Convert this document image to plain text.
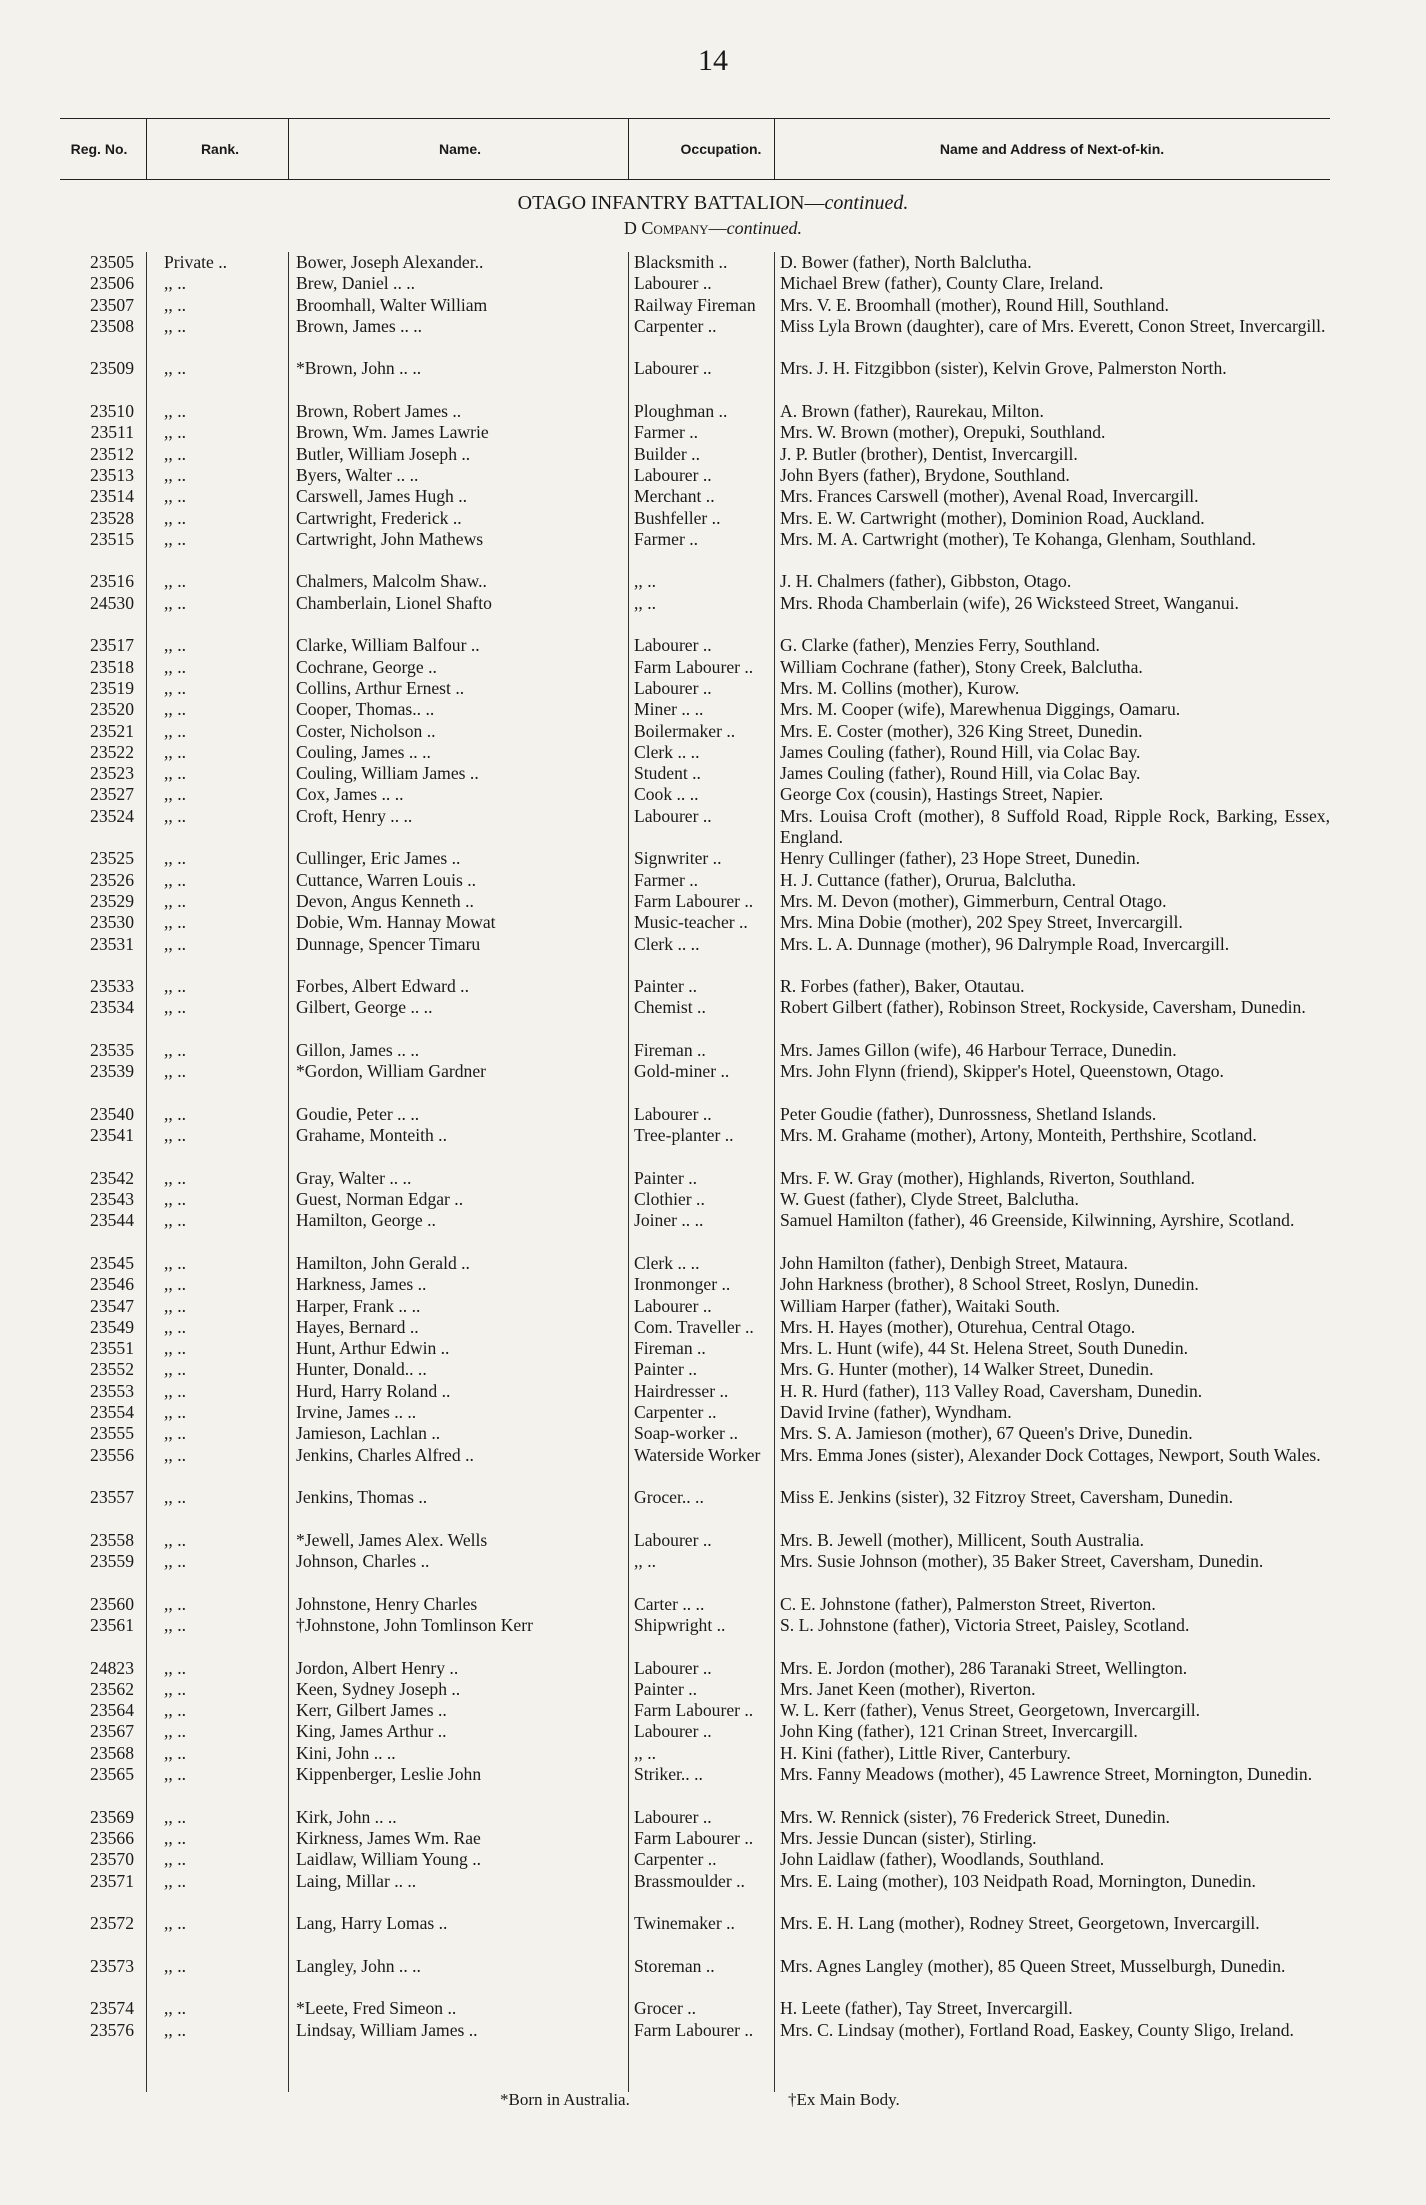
14
Reg. No.	Rank.	Name.	Occupation.	Name and Address of Next-of-kin.
OTAGO INFANTRY BATTALION—continued.
D Company—continued.
23505 Private ..	Bower, Joseph Alexander..	Blacksmith ..	D. Bower (father), North Balclutha.
23506 ,, ..	Brew, Daniel .. ..	Labourer ..	Michael Brew (father), County Clare, Ireland.
23507 ,, ..	Broomhall, Walter William	Railway Fireman	Mrs. V. E. Broomhall (mother), Round Hill, Southland.
23508 ,, ..	Brown, James .. ..	Carpenter ..	Miss Lyla Brown (daughter), care of Mrs. Everett, Conon Street, Invercargill.
23509 ,, ..	*Brown, John .. ..	Labourer ..	Mrs. J. H. Fitzgibbon (sister), Kelvin Grove, Palmerston North.
23510 ,, ..	Brown, Robert James ..	Ploughman ..	A. Brown (father), Raurekau, Milton.
23511 ,, ..	Brown, Wm. James Lawrie	Farmer ..	Mrs. W. Brown (mother), Orepuki, Southland.
23512 ,, ..	Butler, William Joseph ..	Builder ..	J. P. Butler (brother), Dentist, Invercargill.
23513 ,, ..	Byers, Walter .. ..	Labourer ..	John Byers (father), Brydone, Southland.
23514 ,, ..	Carswell, James Hugh ..	Merchant ..	Mrs. Frances Carswell (mother), Avenal Road, Invercargill.
23528 ,, ..	Cartwright, Frederick ..	Bushfeller ..	Mrs. E. W. Cartwright (mother), Dominion Road, Auckland.
23515 ,, ..	Cartwright, John Mathews	Farmer ..	Mrs. M. A. Cartwright (mother), Te Kohanga, Glenham, Southland.
23516 ,, ..	Chalmers, Malcolm Shaw..	,, ..	J. H. Chalmers (father), Gibbston, Otago.
24530 ,, ..	Chamberlain, Lionel Shafto	,, ..	Mrs. Rhoda Chamberlain (wife), 26 Wicksteed Street, Wanganui.
23517 ,, ..	Clarke, William Balfour ..	Labourer ..	G. Clarke (father), Menzies Ferry, Southland.
23518 ,, ..	Cochrane, George ..	Farm Labourer ..	William Cochrane (father), Stony Creek, Balclutha.
23519 ,, ..	Collins, Arthur Ernest ..	Labourer ..	Mrs. M. Collins (mother), Kurow.
23520 ,, ..	Cooper, Thomas.. ..	Miner .. ..	Mrs. M. Cooper (wife), Marewhenua Diggings, Oamaru.
23521 ,, ..	Coster, Nicholson ..	Boilermaker ..	Mrs. E. Coster (mother), 326 King Street, Dunedin.
23522 ,, ..	Couling, James .. ..	Clerk .. ..	James Couling (father), Round Hill, via Colac Bay.
23523 ,, ..	Couling, William James ..	Student ..	James Couling (father), Round Hill, via Colac Bay.
23527 ,, ..	Cox, James .. ..	Cook .. ..	George Cox (cousin), Hastings Street, Napier.
23524 ,, ..	Croft, Henry .. ..	Labourer ..	Mrs. Louisa Croft (mother), 8 Suffold Road, Ripple Rock, Barking, Essex, England.
23525 ,, ..	Cullinger, Eric James ..	Signwriter ..	Henry Cullinger (father), 23 Hope Street, Dunedin.
23526 ,, ..	Cuttance, Warren Louis ..	Farmer ..	H. J. Cuttance (father), Orurua, Balclutha.
23529 ,, ..	Devon, Angus Kenneth ..	Farm Labourer ..	Mrs. M. Devon (mother), Gimmerburn, Central Otago.
23530 ,, ..	Dobie, Wm. Hannay Mowat	Music-teacher ..	Mrs. Mina Dobie (mother), 202 Spey Street, Invercargill.
23531 ,, ..	Dunnage, Spencer Timaru	Clerk .. ..	Mrs. L. A. Dunnage (mother), 96 Dalrymple Road, Invercargill.
23533 ,, ..	Forbes, Albert Edward ..	Painter ..	R. Forbes (father), Baker, Otautau.
23534 ,, ..	Gilbert, George .. ..	Chemist ..	Robert Gilbert (father), Robinson Street, Rockyside, Caversham, Dunedin.
23535 ,, ..	Gillon, James .. ..	Fireman ..	Mrs. James Gillon (wife), 46 Harbour Terrace, Dunedin.
23539 ,, ..	*Gordon, William Gardner	Gold-miner ..	Mrs. John Flynn (friend), Skipper's Hotel, Queenstown, Otago.
23540 ,, ..	Goudie, Peter .. ..	Labourer ..	Peter Goudie (father), Dunrossness, Shetland Islands.
23541 ,, ..	Grahame, Monteith ..	Tree-planter ..	Mrs. M. Grahame (mother), Artony, Monteith, Perthshire, Scotland.
23542 ,, ..	Gray, Walter .. ..	Painter ..	Mrs. F. W. Gray (mother), Highlands, Riverton, Southland.
23543 ,, ..	Guest, Norman Edgar ..	Clothier ..	W. Guest (father), Clyde Street, Balclutha.
23544 ,, ..	Hamilton, George ..	Joiner .. ..	Samuel Hamilton (father), 46 Greenside, Kilwinning, Ayrshire, Scotland.
23545 ,, ..	Hamilton, John Gerald ..	Clerk .. ..	John Hamilton (father), Denbigh Street, Mataura.
23546 ,, ..	Harkness, James ..	Ironmonger ..	John Harkness (brother), 8 School Street, Roslyn, Dunedin.
23547 ,, ..	Harper, Frank .. ..	Labourer ..	William Harper (father), Waitaki South.
23549 ,, ..	Hayes, Bernard ..	Com. Traveller ..	Mrs. H. Hayes (mother), Oturehua, Central Otago.
23551 ,, ..	Hunt, Arthur Edwin ..	Fireman ..	Mrs. L. Hunt (wife), 44 St. Helena Street, South Dunedin.
23552 ,, ..	Hunter, Donald.. ..	Painter ..	Mrs. G. Hunter (mother), 14 Walker Street, Dunedin.
23553 ,, ..	Hurd, Harry Roland ..	Hairdresser ..	H. R. Hurd (father), 113 Valley Road, Caversham, Dunedin.
23554 ,, ..	Irvine, James .. ..	Carpenter ..	David Irvine (father), Wyndham.
23555 ,, ..	Jamieson, Lachlan ..	Soap-worker ..	Mrs. S. A. Jamieson (mother), 67 Queen's Drive, Dunedin.
23556 ,, ..	Jenkins, Charles Alfred ..	Waterside Worker	Mrs. Emma Jones (sister), Alexander Dock Cottages, Newport, South Wales.
23557 ,, ..	Jenkins, Thomas ..	Grocer.. ..	Miss E. Jenkins (sister), 32 Fitzroy Street, Caversham, Dunedin.
23558 ,, ..	*Jewell, James Alex. Wells	Labourer ..	Mrs. B. Jewell (mother), Millicent, South Australia.
23559 ,, ..	Johnson, Charles ..	,, ..	Mrs. Susie Johnson (mother), 35 Baker Street, Caversham, Dunedin.
23560 ,, ..	Johnstone, Henry Charles	Carter .. ..	C. E. Johnstone (father), Palmerston Street, Riverton.
23561 ,, ..	†Johnstone, John Tomlinson Kerr	Shipwright ..	S. L. Johnstone (father), Victoria Street, Paisley, Scotland.
24823 ,, ..	Jordon, Albert Henry ..	Labourer ..	Mrs. E. Jordon (mother), 286 Taranaki Street, Wellington.
23562 ,, ..	Keen, Sydney Joseph ..	Painter ..	Mrs. Janet Keen (mother), Riverton.
23564 ,, ..	Kerr, Gilbert James ..	Farm Labourer ..	W. L. Kerr (father), Venus Street, Georgetown, Invercargill.
23567 ,, ..	King, James Arthur ..	Labourer ..	John King (father), 121 Crinan Street, Invercargill.
23568 ,, ..	Kini, John .. ..	,, ..	H. Kini (father), Little River, Canterbury.
23565 ,, ..	Kippenberger, Leslie John	Striker.. ..	Mrs. Fanny Meadows (mother), 45 Lawrence Street, Mornington, Dunedin.
23569 ,, ..	Kirk, John .. ..	Labourer ..	Mrs. W. Rennick (sister), 76 Frederick Street, Dunedin.
23566 ,, ..	Kirkness, James Wm. Rae	Farm Labourer ..	Mrs. Jessie Duncan (sister), Stirling.
23570 ,, ..	Laidlaw, William Young ..	Carpenter ..	John Laidlaw (father), Woodlands, Southland.
23571 ,, ..	Laing, Millar .. ..	Brassmoulder ..	Mrs. E. Laing (mother), 103 Neidpath Road, Mornington, Dunedin.
23572 ,, ..	Lang, Harry Lomas ..	Twinemaker ..	Mrs. E. H. Lang (mother), Rodney Street, Georgetown, Invercargill.
23573 ,, ..	Langley, John .. ..	Storeman ..	Mrs. Agnes Langley (mother), 85 Queen Street, Musselburgh, Dunedin.
23574 ,, ..	*Leete, Fred Simeon ..	Grocer ..	H. Leete (father), Tay Street, Invercargill.
23576 ,, ..	Lindsay, William James ..	Farm Labourer ..	Mrs. C. Lindsay (mother), Fortland Road, Easkey, County Sligo, Ireland.
*Born in Australia.	†Ex Main Body.
